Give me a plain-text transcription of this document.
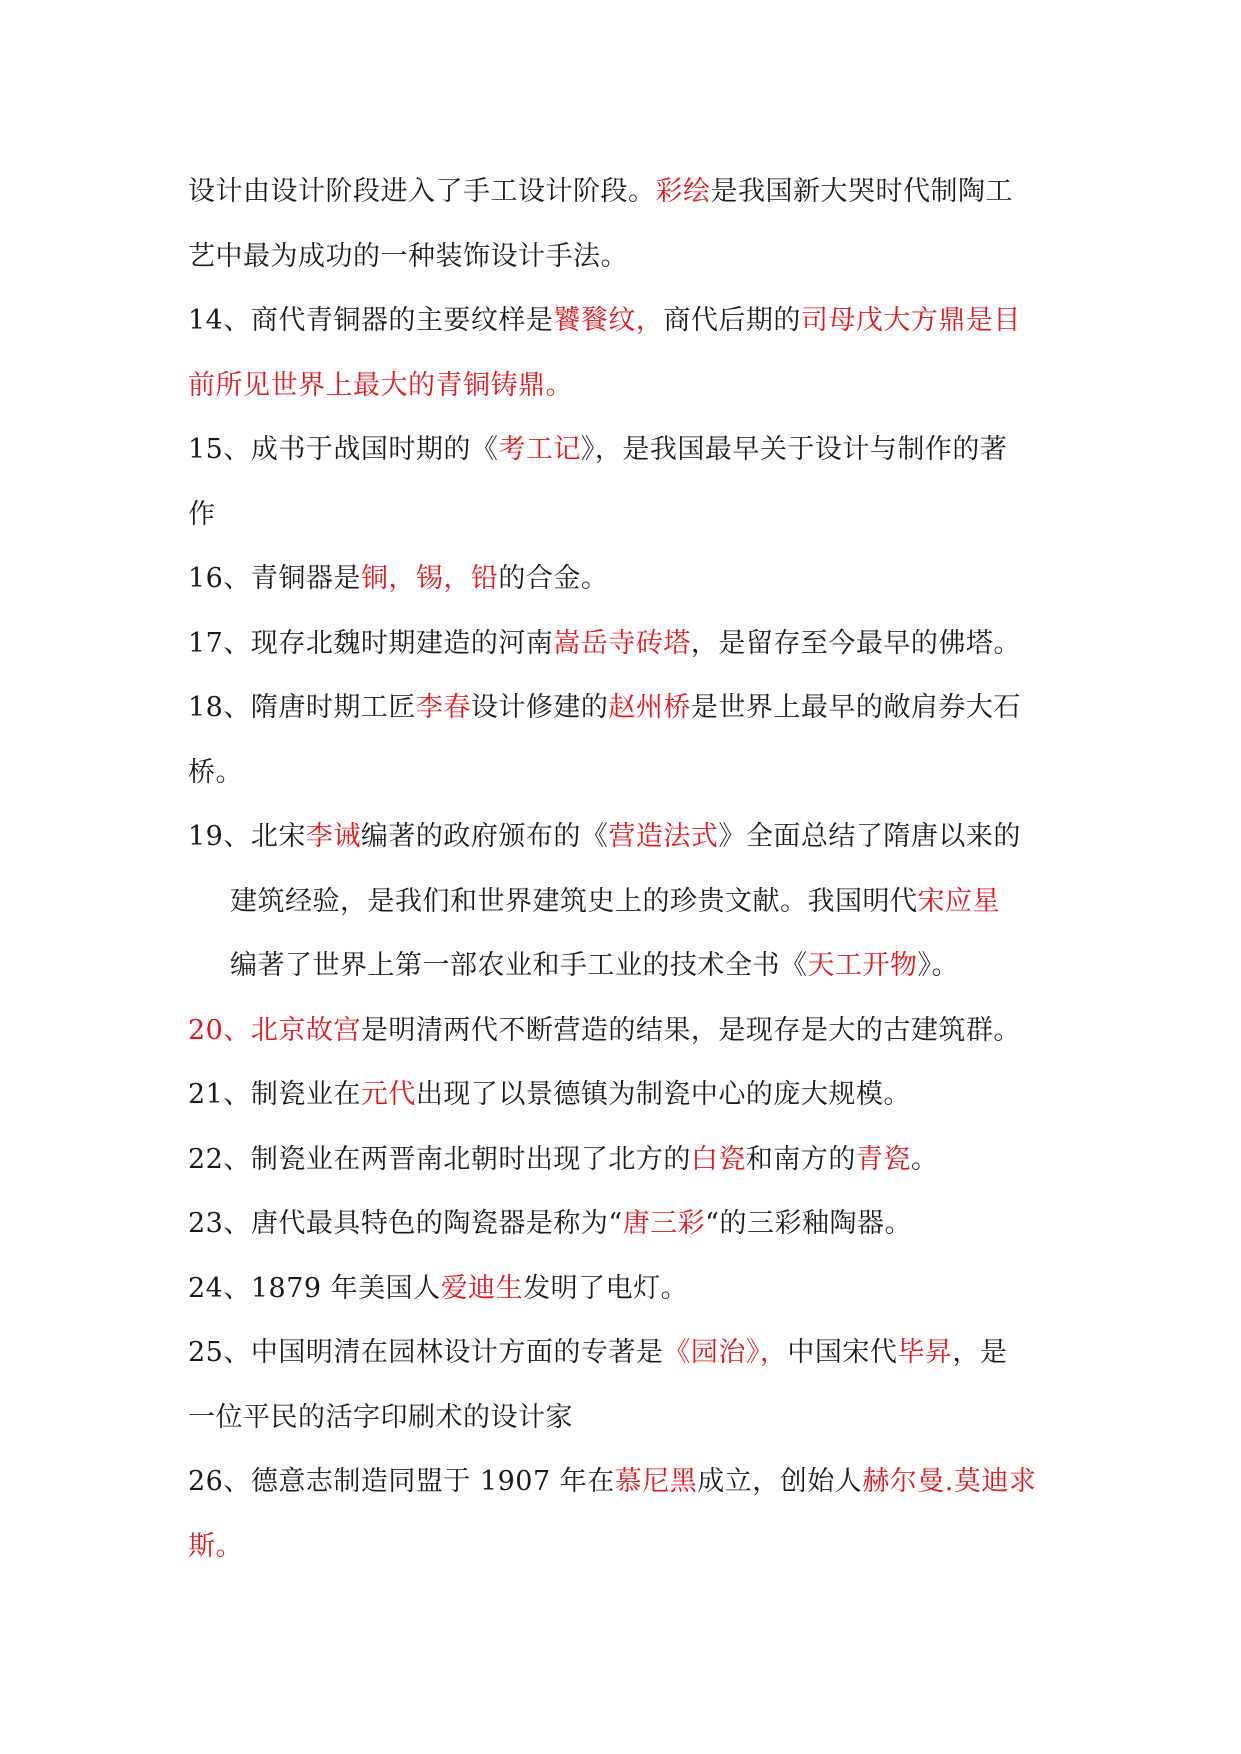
设计由设计阶段进入了手工设计阶段。彩绘是我国新大哭时代制陶工
艺中最为成功的一种装饰设计手法。
14、商代青铜器的主要纹样是饕餮纹，商代后期的司母戊大方鼎是目
前所见世界上最大的青铜铸鼎。
15、成书于战国时期的《考工记》，是我国最早关于设计与制作的著
作
16、青铜器是铜，锡，铅的合金。
17、现存北魏时期建造的河南嵩岳寺砖塔，是留存至今最早的佛塔。
18、隋唐时期工匠李春设计修建的赵州桥是世界上最早的敞肩券大石
桥。
19、北宋李诫编著的政府颁布的《营造法式》全面总结了隋唐以来的
建筑经验，是我们和世界建筑史上的珍贵文献。我国明代宋应星
编著了世界上第一部农业和手工业的技术全书《天工开物》。
20、北京故宫是明清两代不断营造的结果，是现存是大的古建筑群。
21、制瓷业在元代出现了以景德镇为制瓷中心的庞大规模。
22、制瓷业在两晋南北朝时出现了北方的白瓷和南方的青瓷。
23、唐代最具特色的陶瓷器是称为“唐三彩“的三彩釉陶器。
24、1879 年美国人爱迪生发明了电灯。
25、中国明清在园林设计方面的专著是《园治》，中国宋代毕昇，是
一位平民的活字印刷术的设计家
26、德意志制造同盟于 1907 年在慕尼黑成立，创始人赫尔曼.莫迪求
斯。
